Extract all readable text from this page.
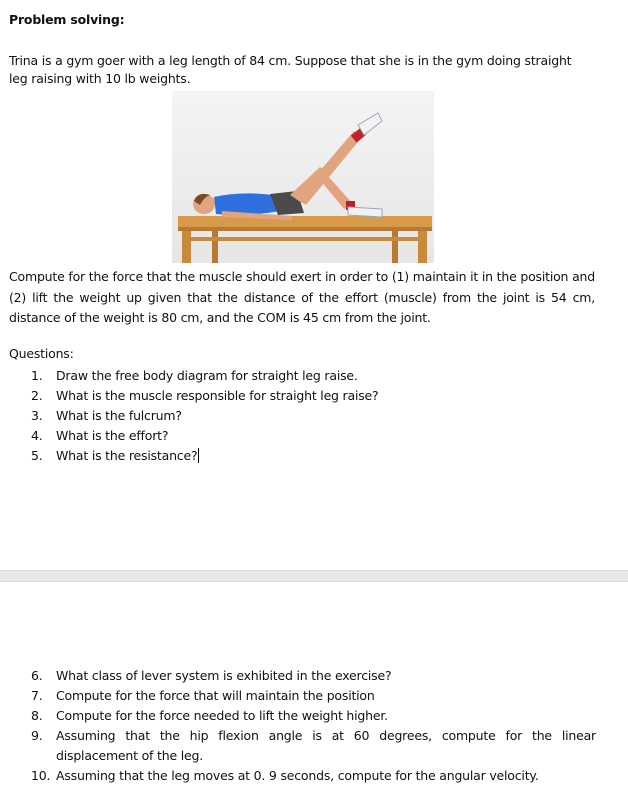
Problem solving:
Trina is a gym goer with a leg length of 84 cm. Suppose that she is in the gym doing straight leg raising with 10 lb weights.
Compute for the force that the muscle should exert in order to (1) maintain it in the position and (2) lift the weight up given that the distance of the effort (muscle) from the joint is 54 cm, distance of the weight is 80 cm, and the COM is 45 cm from the joint.
Questions:
1. Draw the free body diagram for straight leg raise.
2. What is the muscle responsible for straight leg raise?
3. What is the fulcrum?
4. What is the effort?
5. What is the resistance?
6. What class of lever system is exhibited in the exercise?
7. Compute for the force that will maintain the position
8. Compute for the force needed to lift the weight higher.
9. Assuming that the hip flexion angle is at 60 degrees, compute for the linear displacement of the leg.
10. Assuming that the leg moves at 0. 9 seconds, compute for the angular velocity.
